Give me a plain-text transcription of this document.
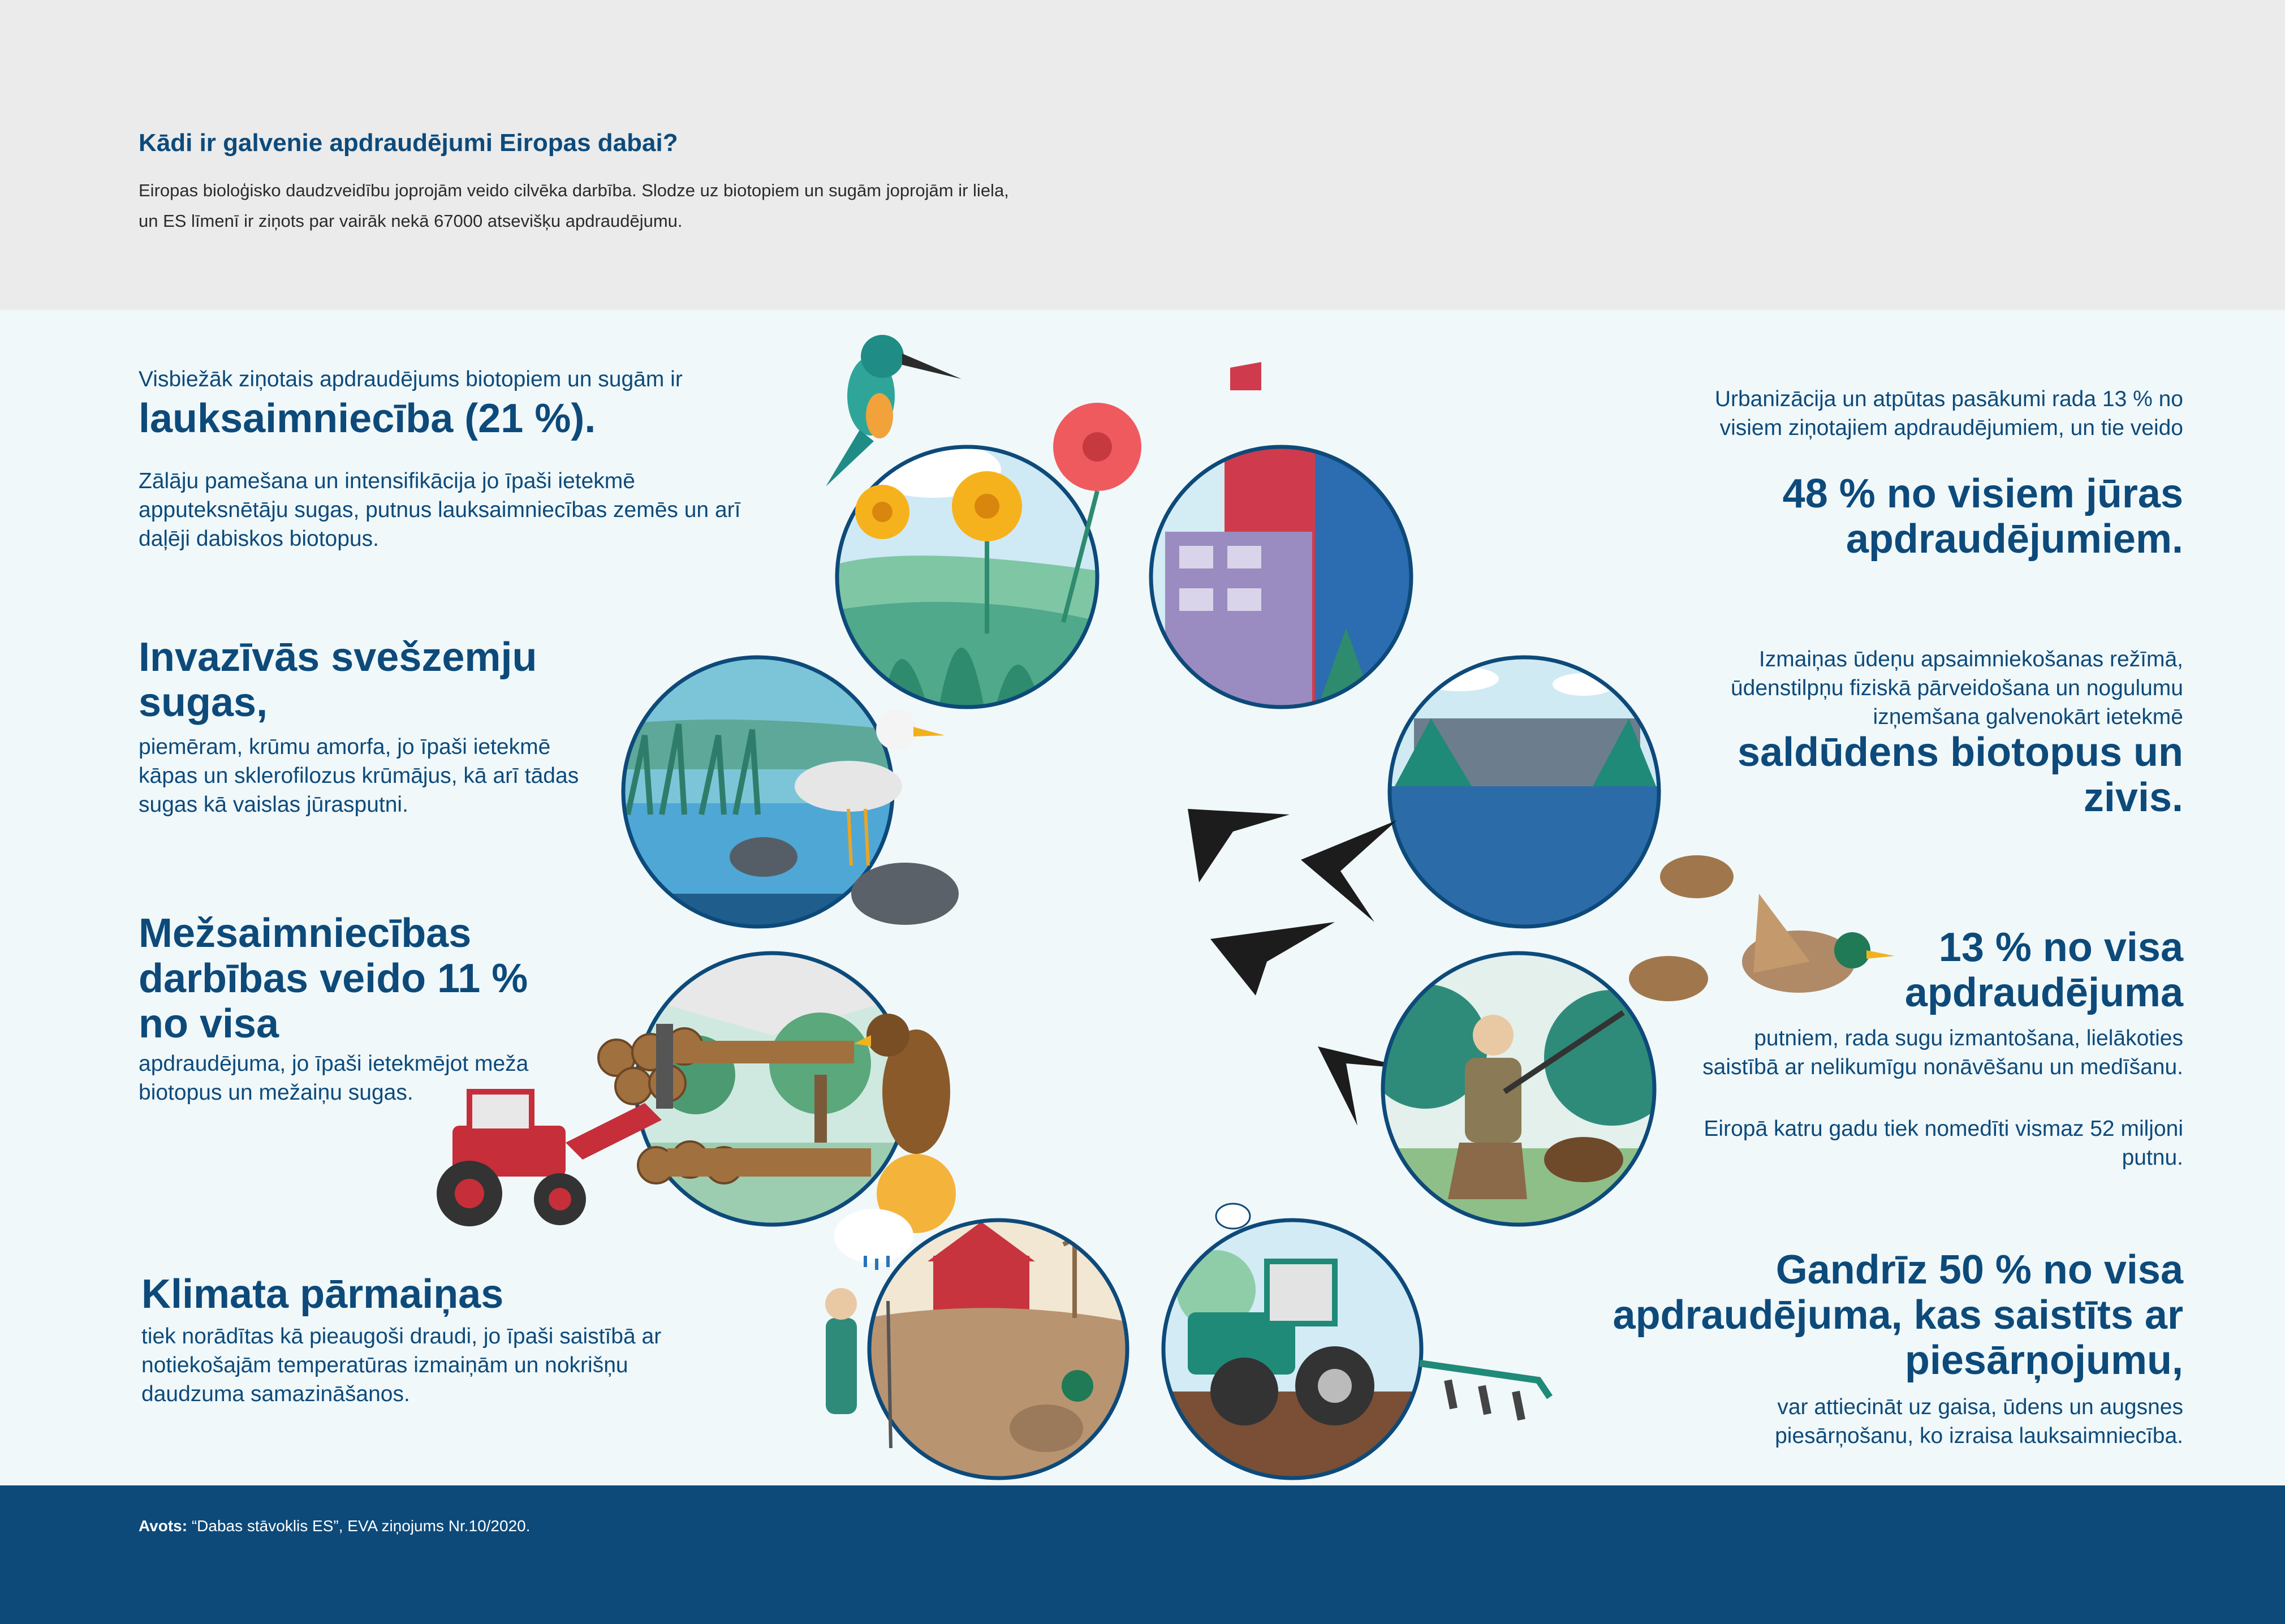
Kādi ir galvenie apdraudējumi Eiropas dabai?
Eiropas bioloģisko daudzveidību joprojām veido cilvēka darbība. Slodze uz biotopiem un sugām joprojām ir liela, un ES līmenī ir ziņots par vairāk nekā 67000 atsevišķu apdraudējumu.
Visbiežāk ziņotais apdraudējums biotopiem un sugām ir
lauksaimniecība (21 %).
Zālāju pamešana un intensifikācija jo īpaši ietekmē apputeksnētāju sugas, putnus lauksaimniecības zemēs un arī daļēji dabiskos biotopus.
Invazīvās svešzemju sugas,
piemēram, krūmu amorfa, jo īpaši ietekmē kāpas un sklerofilozus krūmājus, kā arī tādas sugas kā vaislas jūrasputni.
Mežsaimniecības darbības veido 11 % no visa
apdraudējuma, jo īpaši ietekmējot meža biotopus un mežaiņu sugas.
Klimata pārmaiņas
tiek norādītas kā pieaugoši draudi, jo īpaši saistībā ar notiekošajām temperatūras izmaiņām un nokrišņu daudzuma samazināšanos.
Urbanizācija un atpūtas pasākumi rada 13 % no visiem ziņotajiem apdraudējumiem, un tie veido
48 % no visiem jūras apdraudējumiem.
Izmaiņas ūdeņu apsaimniekošanas režīmā, ūdenstilpņu fiziskā pārveidošana un nogulumu izņemšana galvenokārt ietekmē
saldūdens biotopus un zivis.
13 % no visa apdraudējuma
putniem, rada sugu izmantošana, lielākoties saistībā ar nelikumīgu nonāvēšanu un medīšanu.
Eiropā katru gadu tiek nomedīti vismaz 52 miljoni putnu.
Gandrīz 50 % no visa apdraudējuma, kas saistīts ar piesārņojumu,
var attiecināt uz gaisa, ūdens un augsnes piesārņošanu, ko izraisa lauksaimniecība.
Avots: “Dabas stāvoklis ES”, EVA ziņojums Nr.10/2020.
